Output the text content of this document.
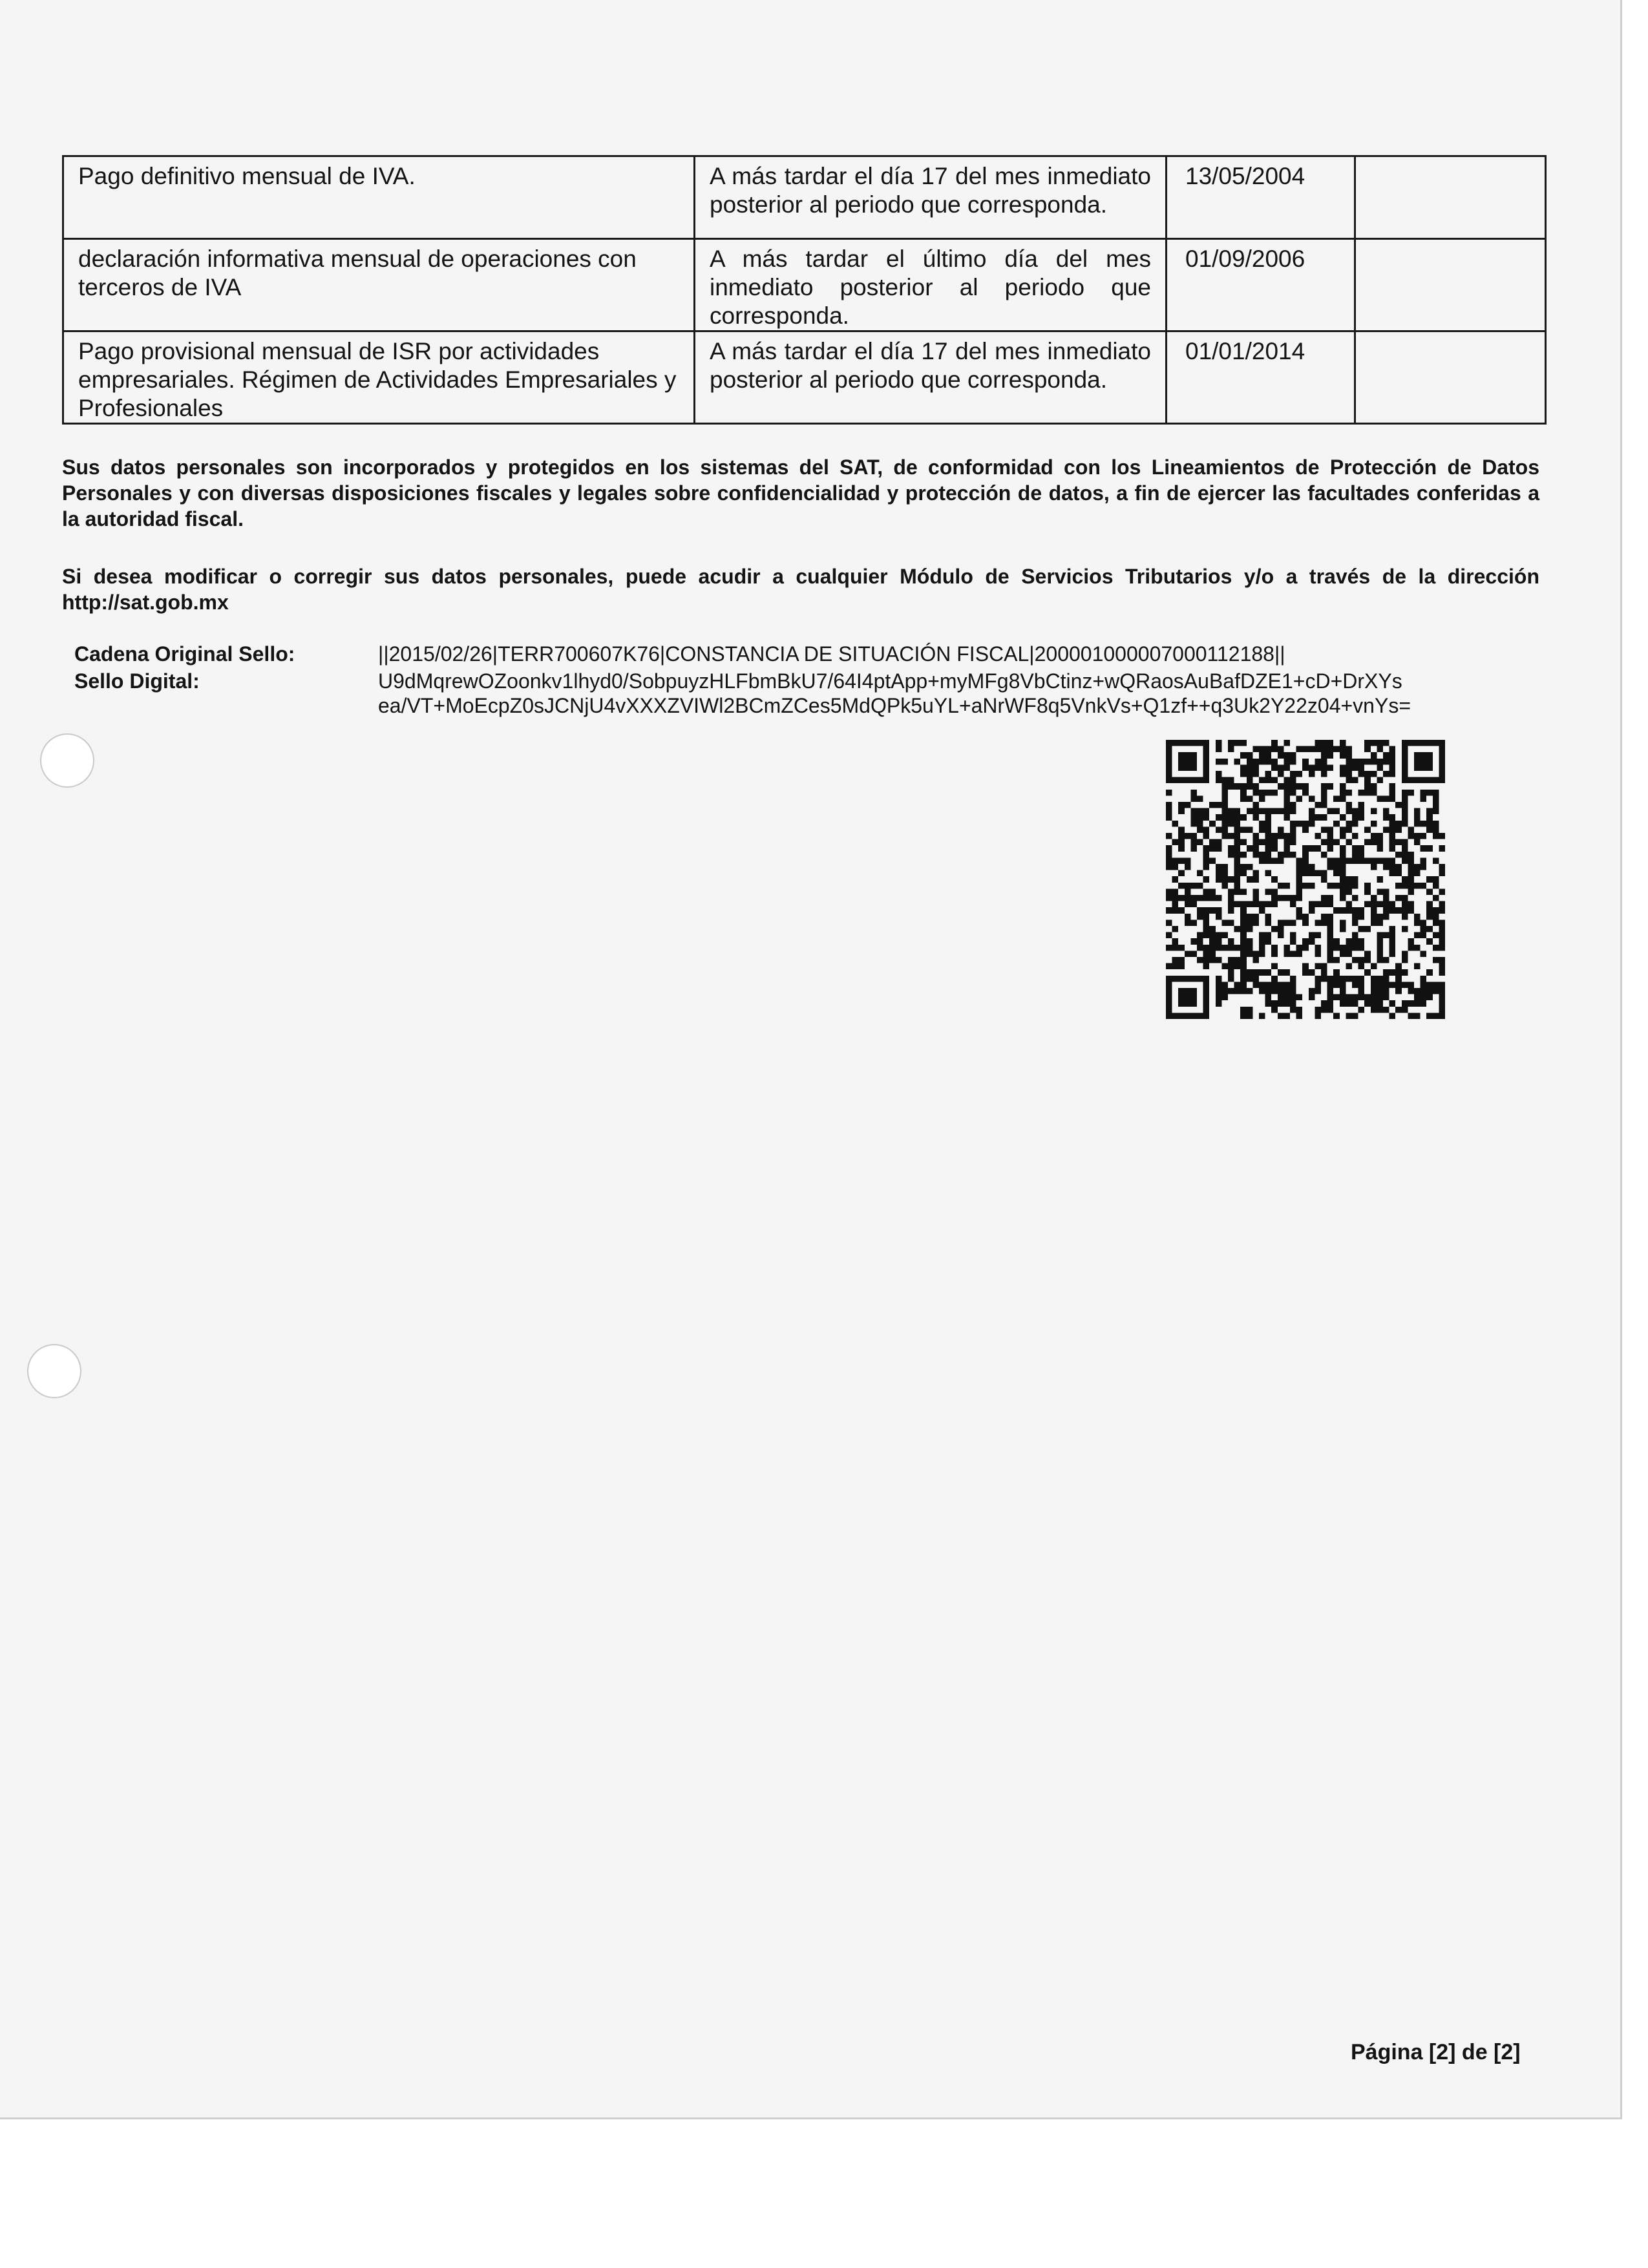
Pago definitivo mensual de IVA.	A más tardar el día 17 del mes inmediato posterior al periodo que corresponda.	13/05/2004	
declaración informativa mensual de operaciones con terceros de IVA	A más tardar el último día del mes inmediato posterior al periodo que corresponda.	01/09/2006	
Pago provisional mensual de ISR por actividades empresariales. Régimen de Actividades Empresariales y Profesionales	A más tardar el día 17 del mes inmediato posterior al periodo que corresponda.	01/01/2014	

Sus datos personales son incorporados y protegidos en los sistemas del SAT, de conformidad con los Lineamientos de Protección de Datos Personales y con diversas disposiciones fiscales y legales sobre confidencialidad y protección de datos, a fin de ejercer las facultades conferidas a la autoridad fiscal.

Si desea modificar o corregir sus datos personales, puede acudir a cualquier Módulo de Servicios Tributarios y/o a través de la dirección http://sat.gob.mx

Cadena Original Sello:	||2015/02/26|TERR700607K76|CONSTANCIA DE SITUACIÓN FISCAL|200001000007000112188||
Sello Digital:	U9dMqrewOZoonkv1lhyd0/SobpuyzHLFbmBkU7/64I4ptApp+myMFg8VbCtinz+wQRaosAuBafDZE1+cD+DrXYs
ea/VT+MoEcpZ0sJCNjU4vXXXZVIWl2BCmZCes5MdQPk5uYL+aNrWF8q5VnkVs+Q1zf++q3Uk2Y22z04+vnYs=
Página [2] de [2]
